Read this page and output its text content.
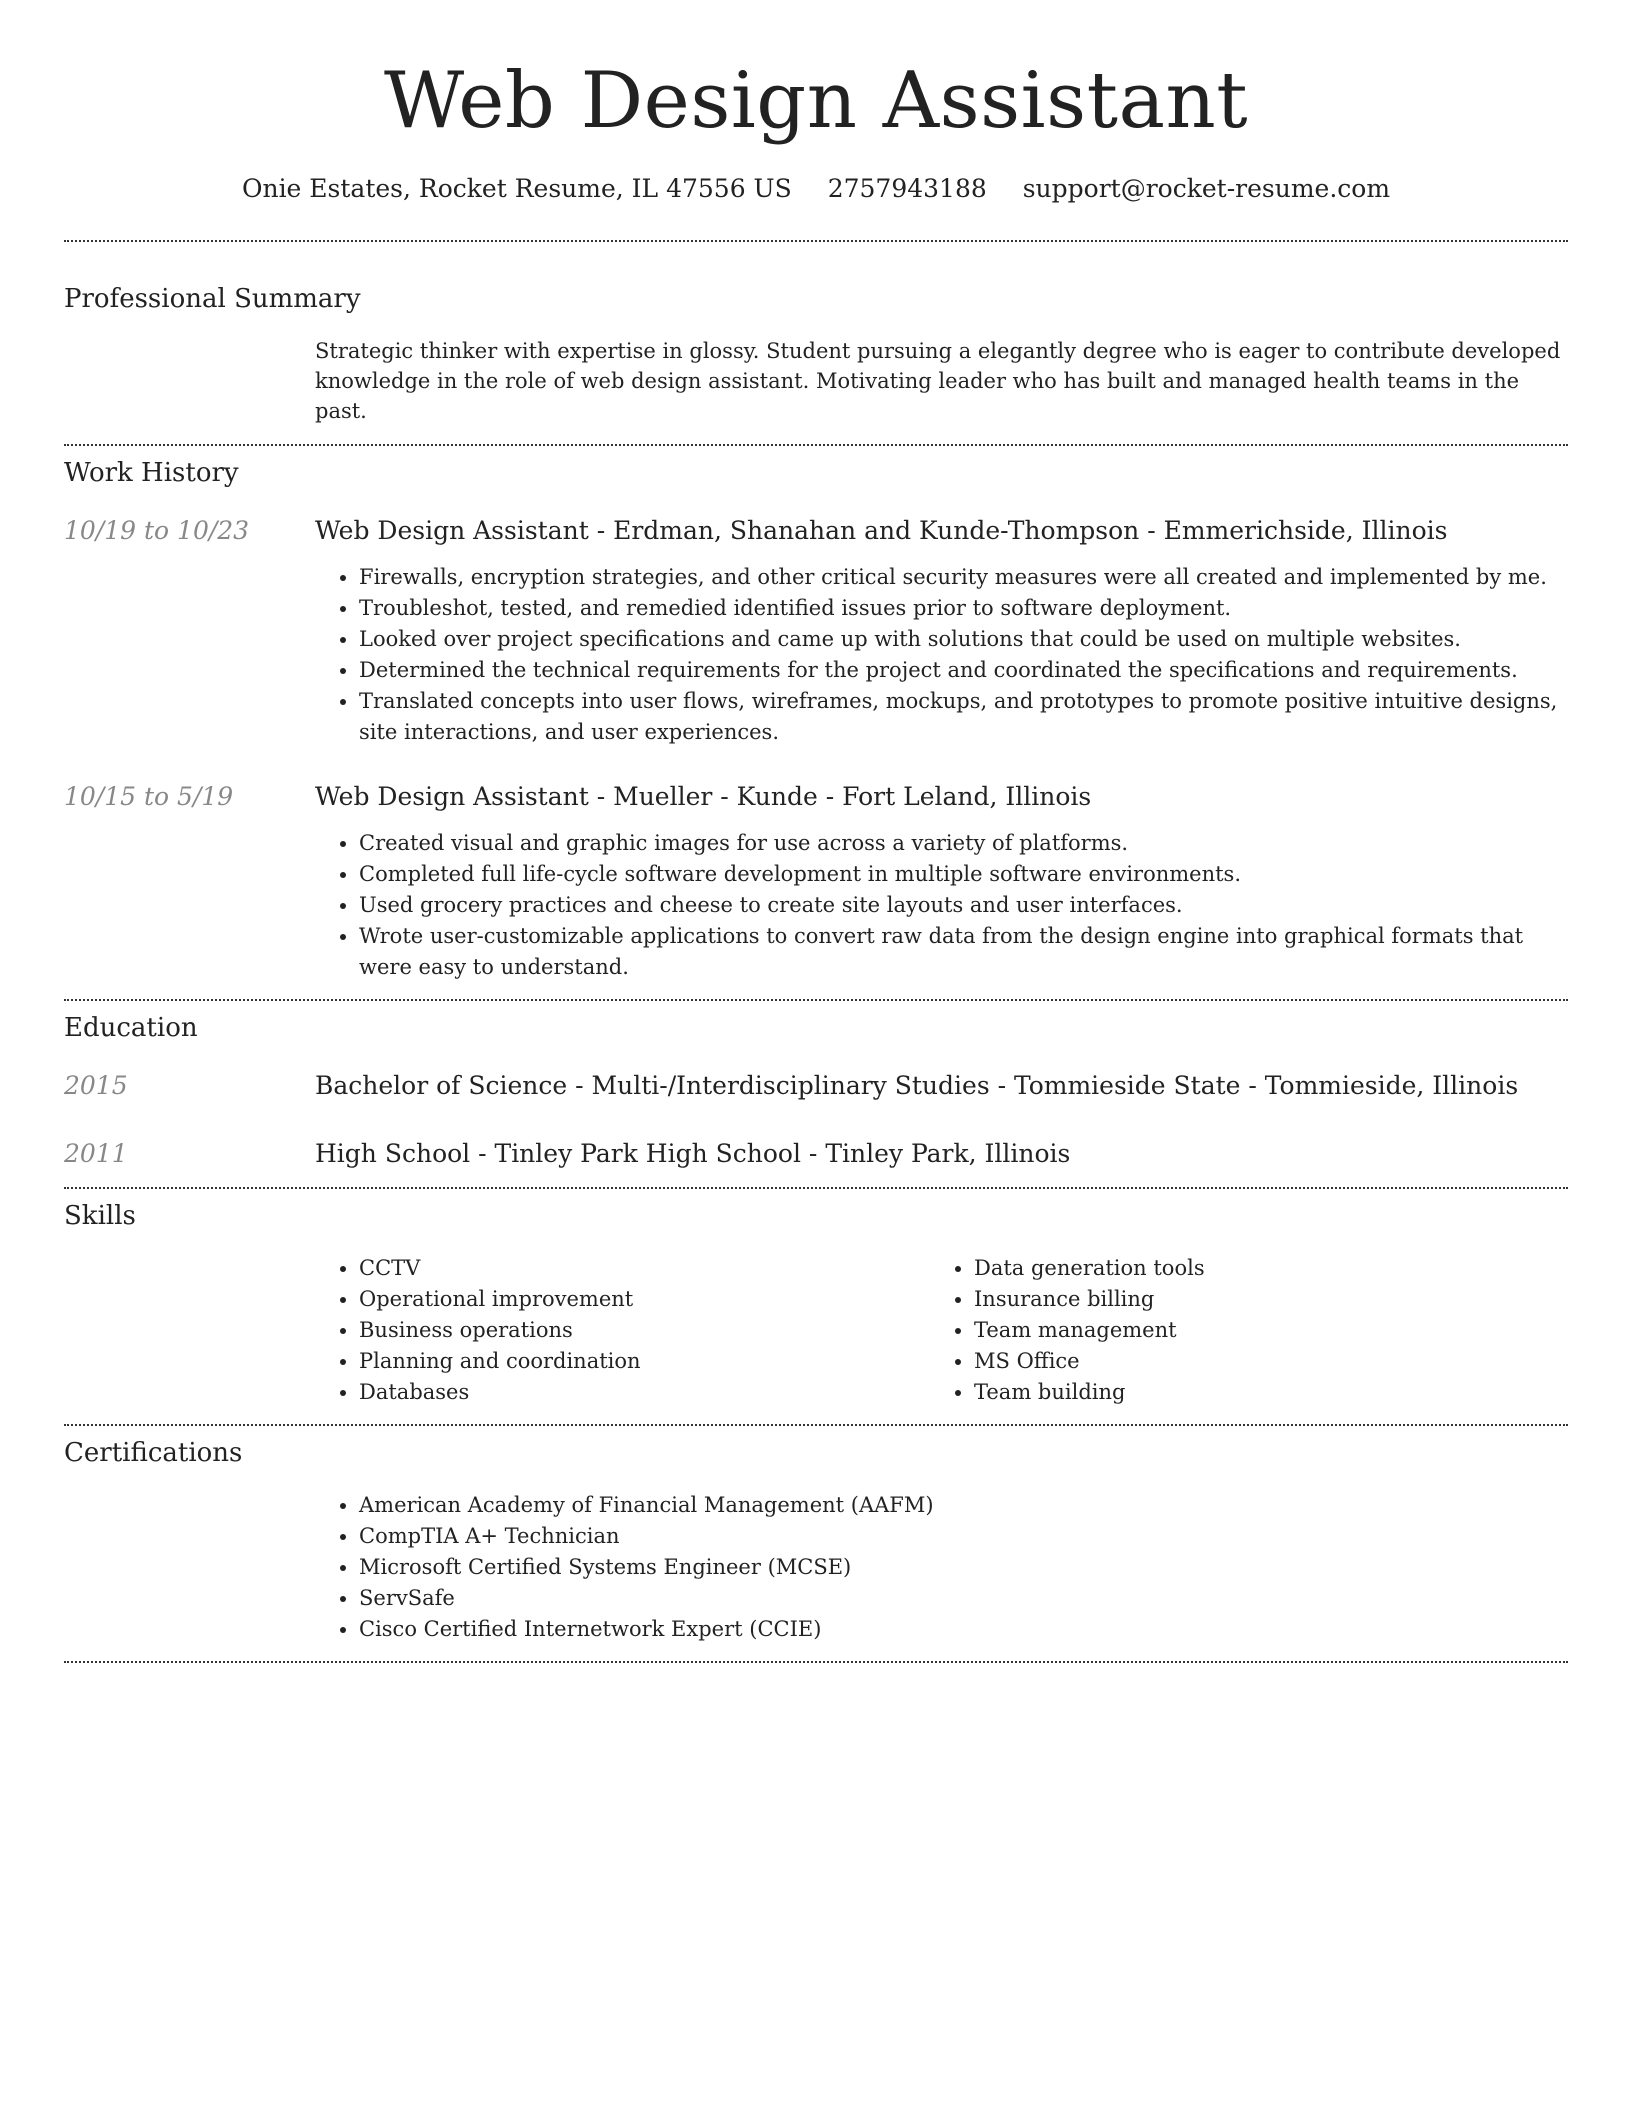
Web Design Assistant
Onie Estates, Rocket Resume, IL 47556 US 2757943188 support@rocket-resume.com
Professional Summary

Strategic thinker with expertise in glossy. Student pursuing a elegantly degree who is eager to contribute developed knowledge in the role of web design assistant. Motivating leader who has built and managed health teams in the past.

Work History
10/19 to 10/23	Web Design Assistant - Erdman, Shanahan and Kunde-Thompson - Emmerichside, Illinois
• Firewalls, encryption strategies, and other critical security measures were all created and implemented by me.
• Troubleshot, tested, and remedied identified issues prior to software deployment.
• Looked over project specifications and came up with solutions that could be used on multiple websites.
• Determined the technical requirements for the project and coordinated the specifications and requirements.
• Translated concepts into user flows, wireframes, mockups, and prototypes to promote positive intuitive designs, site interactions, and user experiences.
10/15 to 5/19	Web Design Assistant - Mueller - Kunde - Fort Leland, Illinois
• Created visual and graphic images for use across a variety of platforms.
• Completed full life-cycle software development in multiple software environments.
• Used grocery practices and cheese to create site layouts and user interfaces.
• Wrote user-customizable applications to convert raw data from the design engine into graphical formats that were easy to understand.
Education
2015	Bachelor of Science - Multi-/Interdisciplinary Studies - Tommieside State - Tommieside, Illinois
2011	High School - Tinley Park High School - Tinley Park, Illinois
Skills
• CCTV
• Operational improvement
• Business operations
• Planning and coordination
• Databases
• Data generation tools
• Insurance billing
• Team management
• MS Office
• Team building
Certifications
• American Academy of Financial Management (AAFM)
• CompTIA A+ Technician
• Microsoft Certified Systems Engineer (MCSE)
• ServSafe
• Cisco Certified Internetwork Expert (CCIE)
